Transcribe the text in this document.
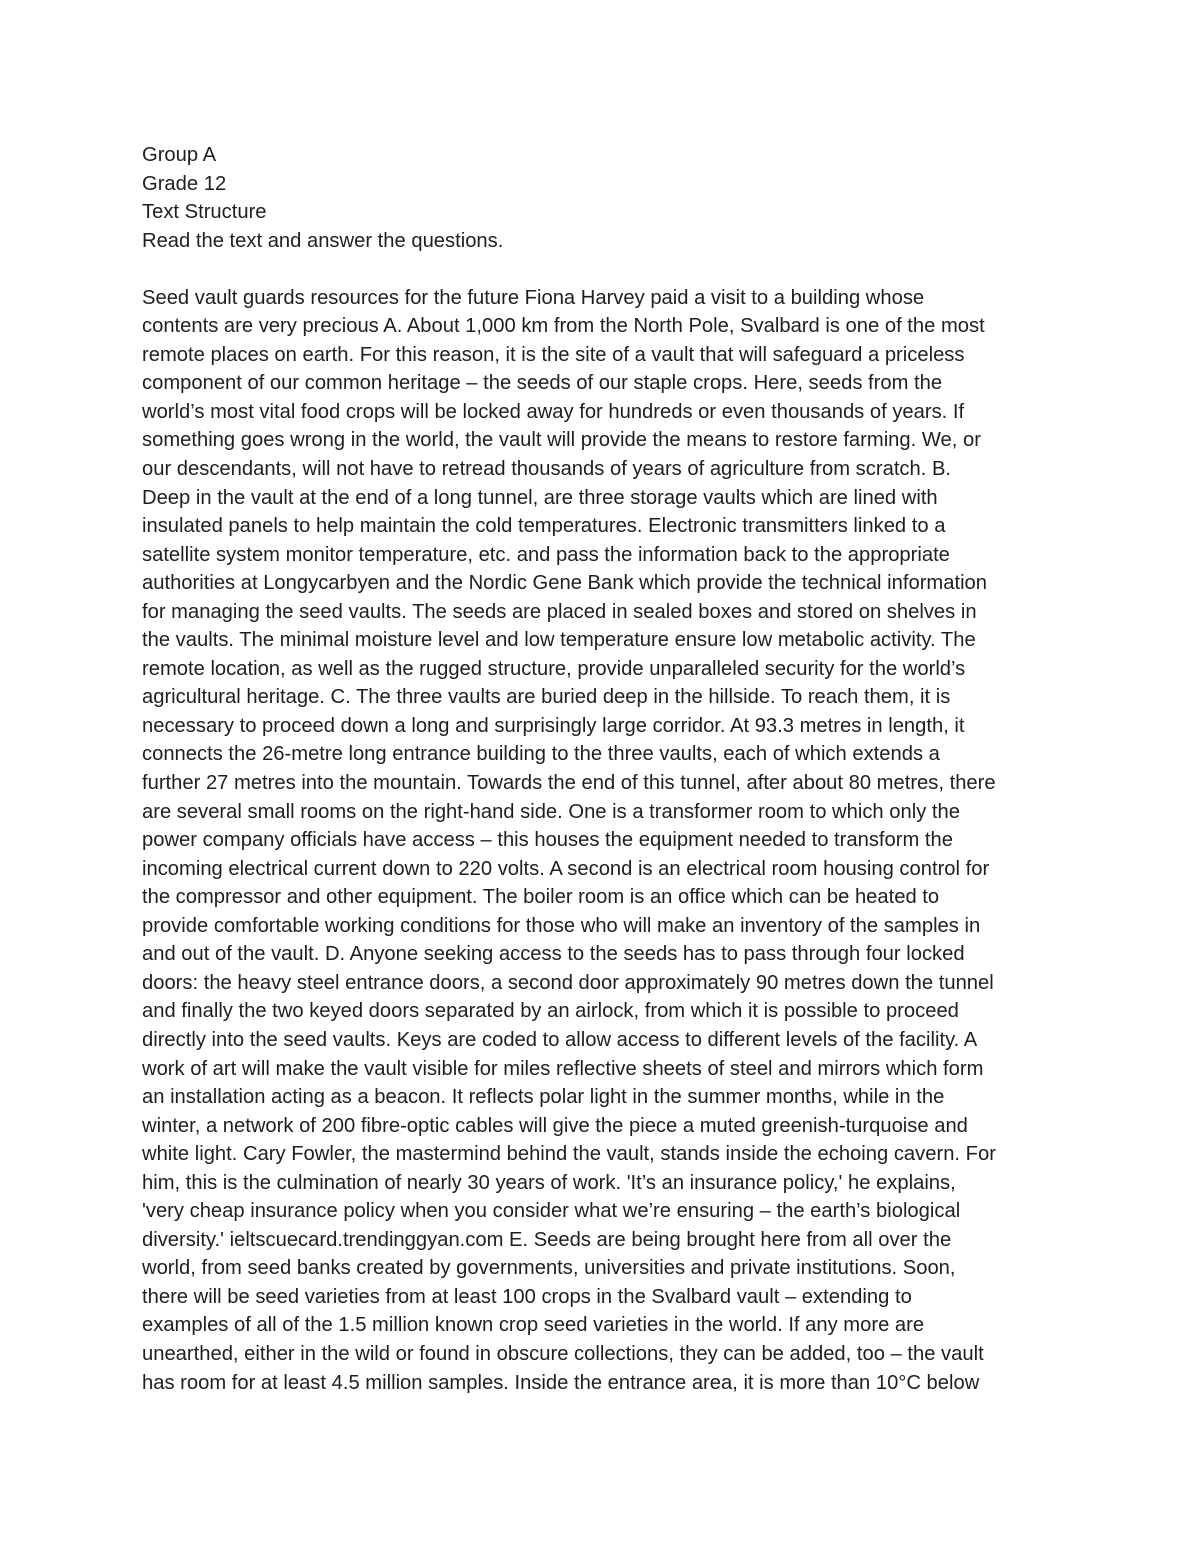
Group A
Grade 12
Text Structure
Read the text and answer the questions.
Seed vault guards resources for the future Fiona Harvey paid a visit to a building whose
contents are very precious A. About 1,000 km from the North Pole, Svalbard is one of the most
remote places on earth. For this reason, it is the site of a vault that will safeguard a priceless
component of our common heritage – the seeds of our staple crops. Here, seeds from the
world’s most vital food crops will be locked away for hundreds or even thousands of years. If
something goes wrong in the world, the vault will provide the means to restore farming. We, or
our descendants, will not have to retread thousands of years of agriculture from scratch. B.
Deep in the vault at the end of a long tunnel, are three storage vaults which are lined with
insulated panels to help maintain the cold temperatures. Electronic transmitters linked to a
satellite system monitor temperature, etc. and pass the information back to the appropriate
authorities at Longycarbyen and the Nordic Gene Bank which provide the technical information
for managing the seed vaults. The seeds are placed in sealed boxes and stored on shelves in
the vaults. The minimal moisture level and low temperature ensure low metabolic activity. The
remote location, as well as the rugged structure, provide unparalleled security for the world’s
agricultural heritage. C. The three vaults are buried deep in the hillside. To reach them, it is
necessary to proceed down a long and surprisingly large corridor. At 93.3 metres in length, it
connects the 26-metre long entrance building to the three vaults, each of which extends a
further 27 metres into the mountain. Towards the end of this tunnel, after about 80 metres, there
are several small rooms on the right-hand side. One is a transformer room to which only the
power company officials have access – this houses the equipment needed to transform the
incoming electrical current down to 220 volts. A second is an electrical room housing control for
the compressor and other equipment. The boiler room is an office which can be heated to
provide comfortable working conditions for those who will make an inventory of the samples in
and out of the vault. D. Anyone seeking access to the seeds has to pass through four locked
doors: the heavy steel entrance doors, a second door approximately 90 metres down the tunnel
and finally the two keyed doors separated by an airlock, from which it is possible to proceed
directly into the seed vaults. Keys are coded to allow access to different levels of the facility. A
work of art will make the vault visible for miles reflective sheets of steel and mirrors which form
an installation acting as a beacon. It reflects polar light in the summer months, while in the
winter, a network of 200 fibre-optic cables will give the piece a muted greenish-turquoise and
white light. Cary Fowler, the mastermind behind the vault, stands inside the echoing cavern. For
him, this is the culmination of nearly 30 years of work. 'It’s an insurance policy,' he explains,
'very cheap insurance policy when you consider what we’re ensuring – the earth’s biological
diversity.' ieltscuecard.trendinggyan.com E. Seeds are being brought here from all over the
world, from seed banks created by governments, universities and private institutions. Soon,
there will be seed varieties from at least 100 crops in the Svalbard vault – extending to
examples of all of the 1.5 million known crop seed varieties in the world. If any more are
unearthed, either in the wild or found in obscure collections, they can be added, too – the vault
has room for at least 4.5 million samples. Inside the entrance area, it is more than 10°C below
